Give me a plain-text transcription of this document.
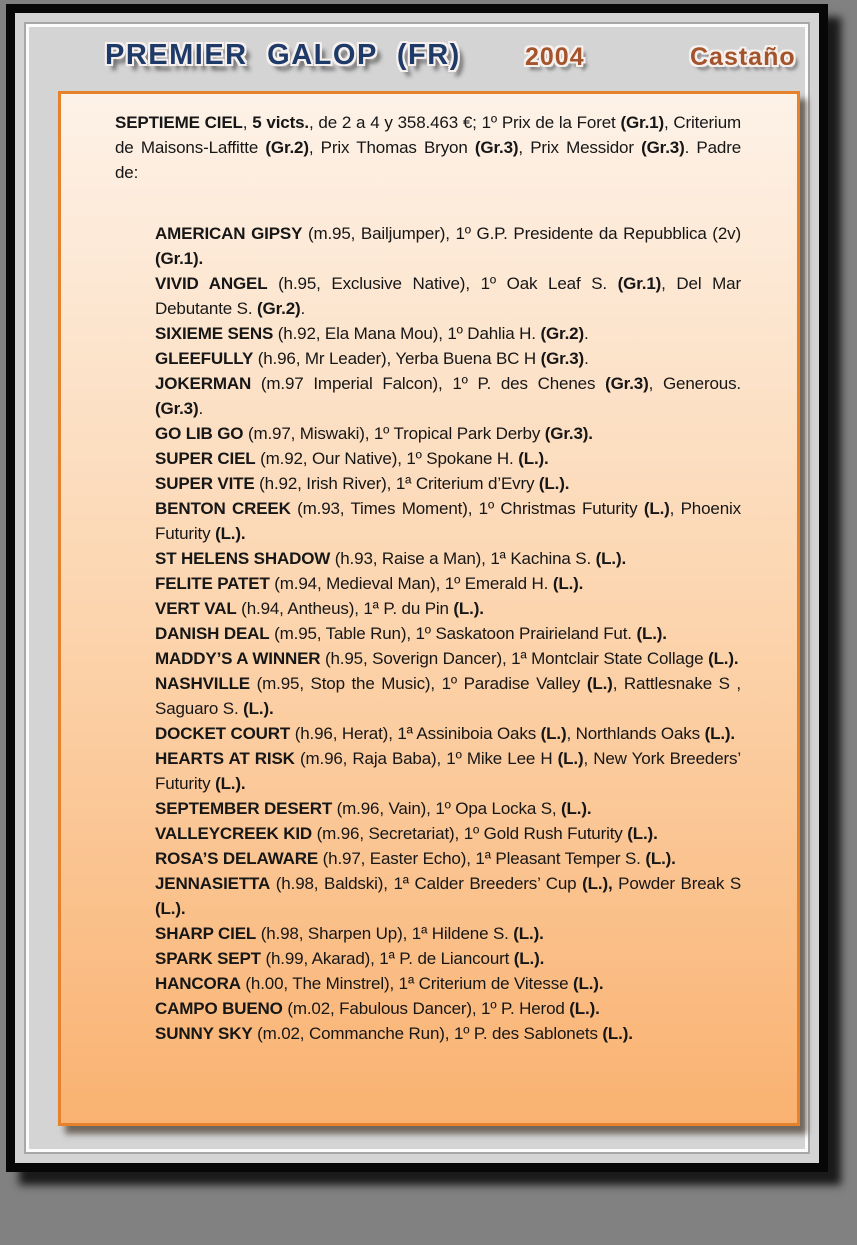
PREMIER GALOP (FR)	2004	Castaño

SEPTIEME CIEL, 5 victs., de 2 a 4 y 358.463 €; 1º Prix de la Foret (Gr.1), Criterium de Maisons-Laffitte (Gr.2), Prix Thomas Bryon (Gr.3), Prix Messidor (Gr.3). Padre de:

AMERICAN GIPSY (m.95, Bailjumper), 1º G.P. Presidente da Repubblica (2v) (Gr.1).
VIVID ANGEL (h.95, Exclusive Native), 1º Oak Leaf S. (Gr.1), Del Mar Debutante S. (Gr.2).
SIXIEME SENS (h.92, Ela Mana Mou), 1º Dahlia H. (Gr.2).
GLEEFULLY (h.96, Mr Leader), Yerba Buena BC H (Gr.3).
JOKERMAN (m.97 Imperial Falcon), 1º P. des Chenes (Gr.3), Generous. (Gr.3).
GO LIB GO (m.97, Miswaki), 1º Tropical Park Derby (Gr.3).
SUPER CIEL (m.92, Our Native), 1º Spokane H. (L.).
SUPER VITE (h.92, Irish River), 1ª Criterium d’Evry (L.).
BENTON CREEK (m.93, Times Moment), 1º Christmas Futurity (L.), Phoenix Futurity (L.).
ST HELENS SHADOW (h.93, Raise a Man), 1ª Kachina S. (L.).
FELITE PATET (m.94, Medieval Man), 1º Emerald H. (L.).
VERT VAL (h.94, Antheus), 1ª P. du Pin (L.).
DANISH DEAL (m.95, Table Run), 1º Saskatoon Prairieland Fut. (L.).
MADDY’S A WINNER (h.95, Soverign Dancer), 1ª Montclair State Collage (L.).
NASHVILLE (m.95, Stop the Music), 1º Paradise Valley (L.), Rattlesnake S , Saguaro S. (L.).
DOCKET COURT (h.96, Herat), 1ª Assiniboia Oaks (L.), Northlands Oaks (L.).
HEARTS AT RISK (m.96, Raja Baba), 1º Mike Lee H (L.), New York Breeders’ Futurity (L.).
SEPTEMBER DESERT (m.96, Vain), 1º Opa Locka S, (L.).
VALLEYCREEK KID (m.96, Secretariat), 1º Gold Rush Futurity (L.).
ROSA’S DELAWARE (h.97, Easter Echo), 1ª Pleasant Temper S. (L.).
JENNASIETTA (h.98, Baldski), 1ª Calder Breeders’ Cup (L.), Powder Break S (L.).
SHARP CIEL (h.98, Sharpen Up), 1ª Hildene S. (L.).
SPARK SEPT (h.99, Akarad), 1ª P. de Liancourt (L.).
HANCORA (h.00, The Minstrel), 1ª Criterium de Vitesse (L.).
CAMPO BUENO (m.02, Fabulous Dancer), 1º P. Herod (L.).
SUNNY SKY (m.02, Commanche Run), 1º P. des Sablonets (L.).
